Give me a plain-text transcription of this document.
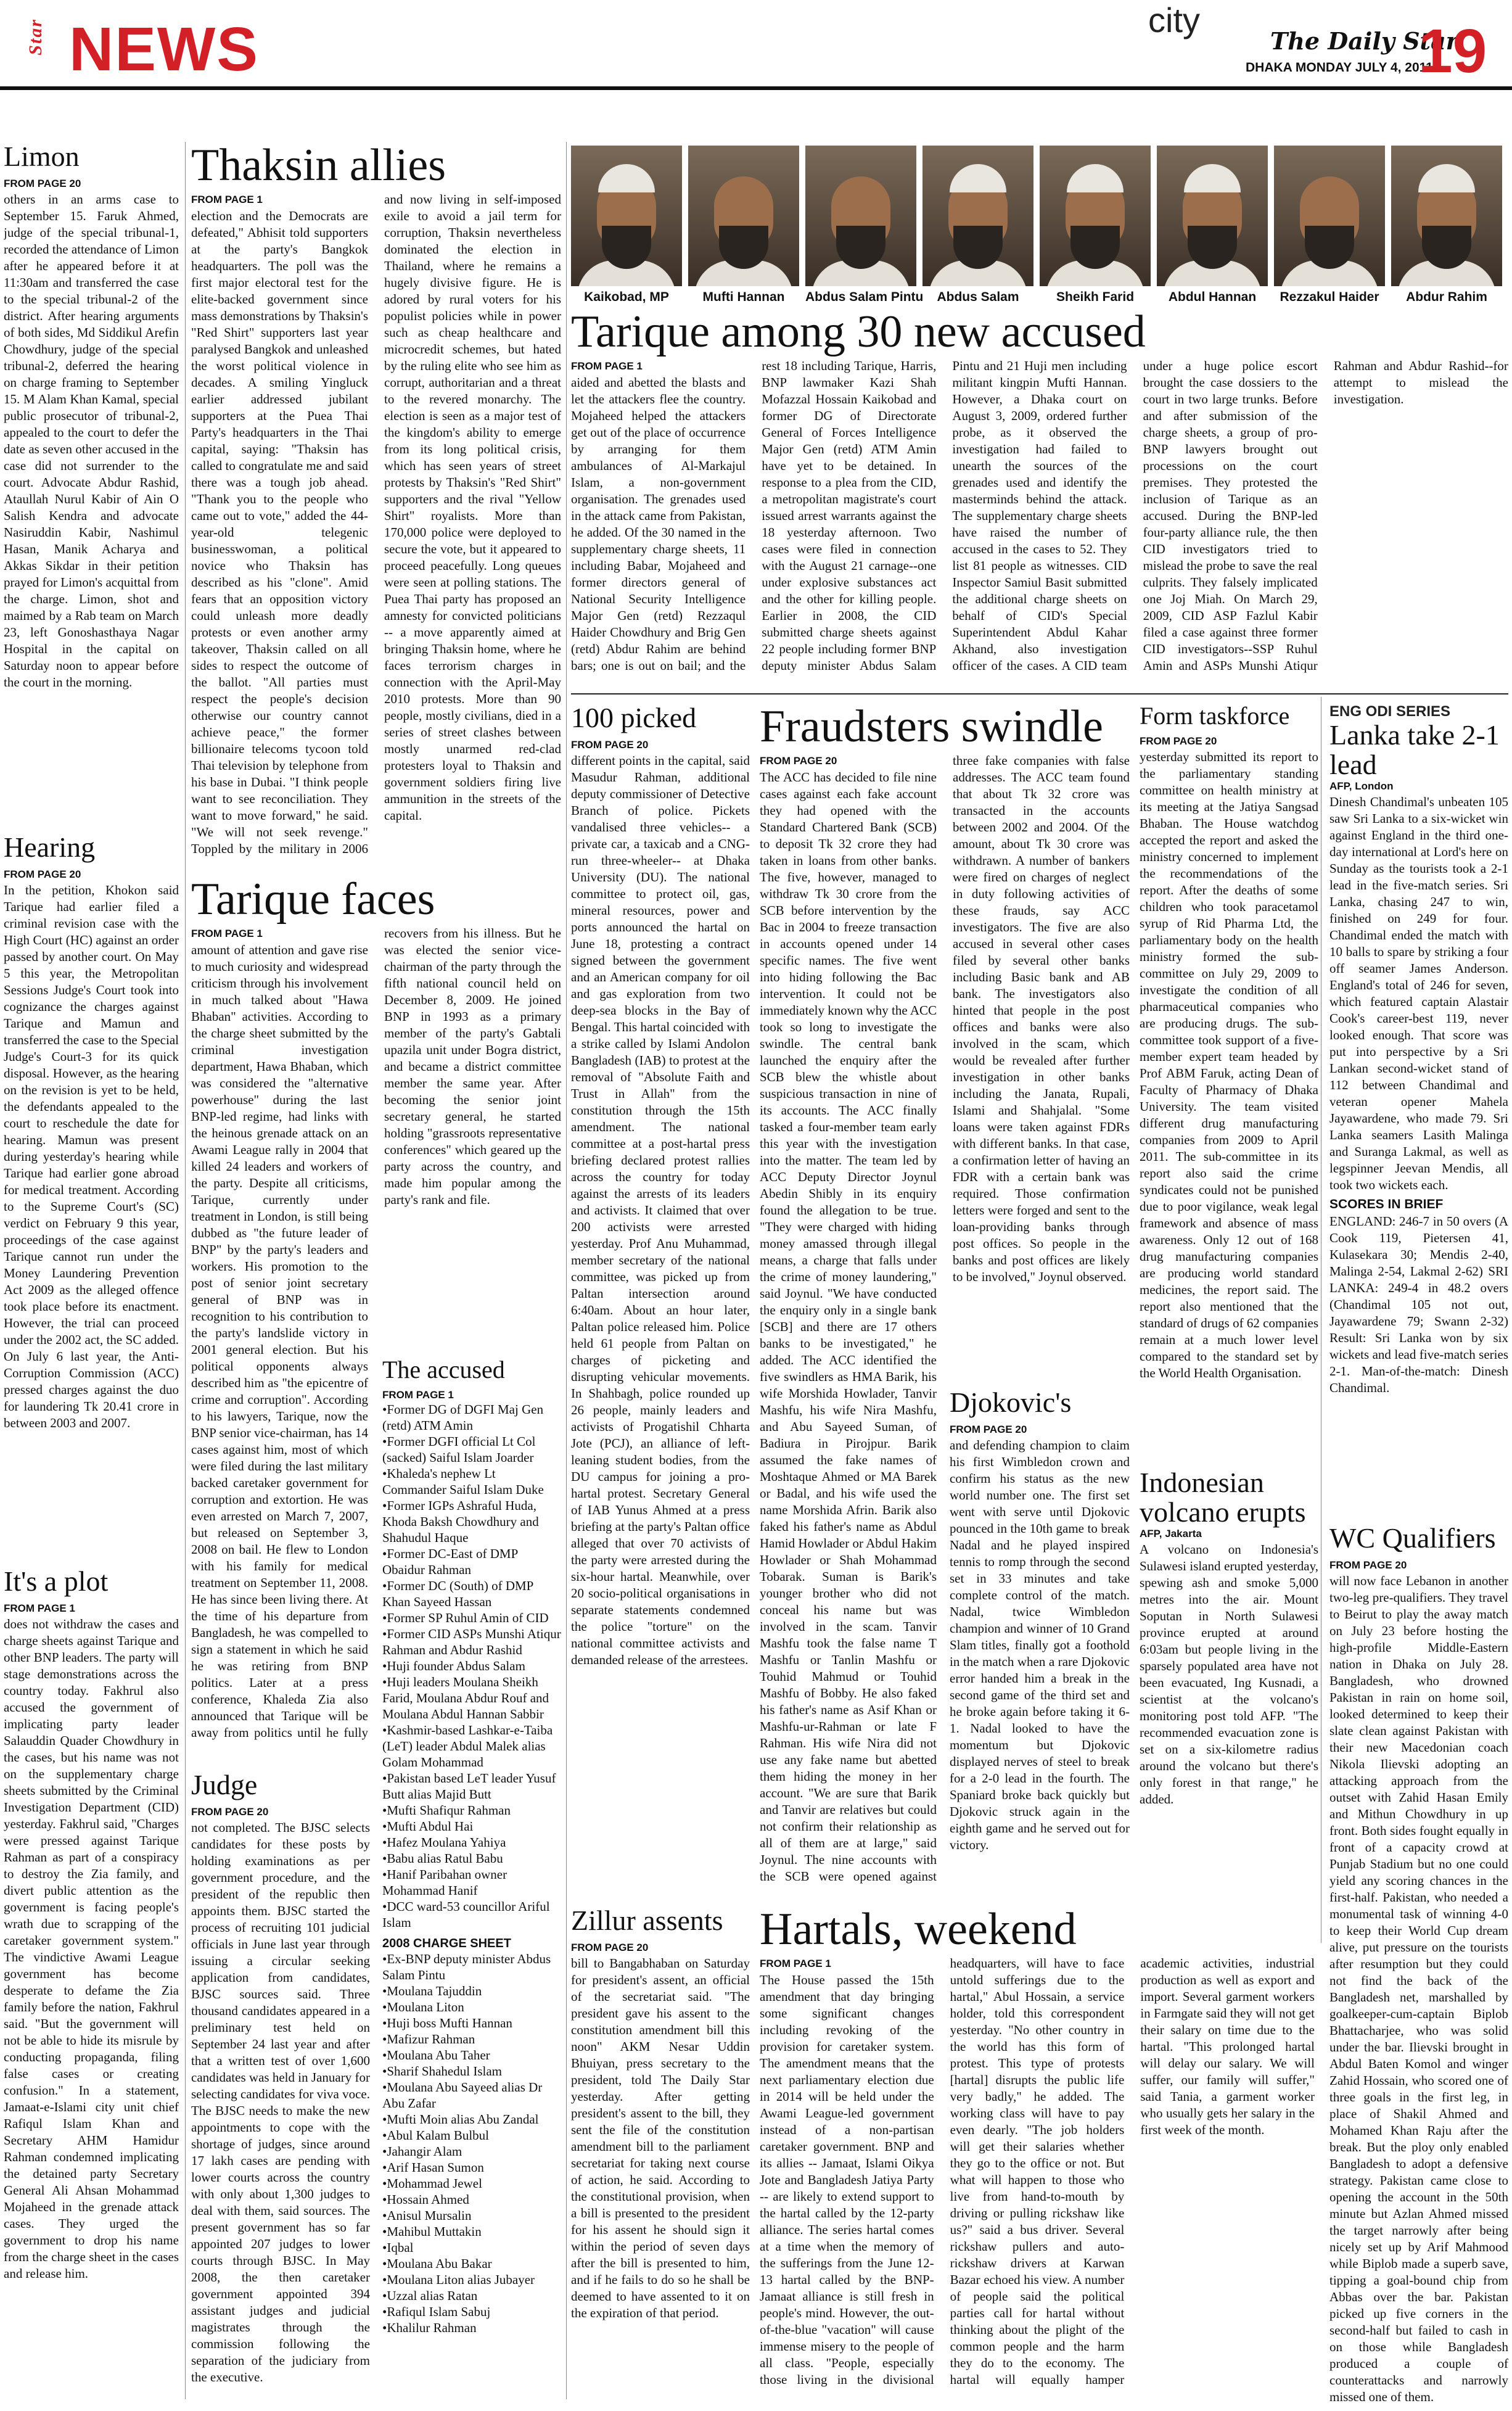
Star NEWS	city
The Daily Star
DHAKA MONDAY JULY 4, 2011
19
Limon
FROM PAGE 20
others in an arms case to September 15. Faruk Ahmed, judge of the special tribunal-1, recorded the attendance of Limon after he appeared before it at 11:30am and transferred the case to the special tribunal-2 of the district. After hearing arguments of both sides, Md Siddikul Arefin Chowdhury, judge of the special tribunal-2, deferred the hearing on charge framing to September 15. M Alam Khan Kamal, special public prosecutor of tribunal-2, appealed to the court to defer the date as seven other accused in the case did not surrender to the court. Advocate Abdur Rashid, Ataullah Nurul Kabir of Ain O Salish Kendra and advocate Nasiruddin Kabir, Nashimul Hasan, Manik Acharya and Akkas Sikdar in their petition prayed for Limon's acquittal from the charge. Limon, shot and maimed by a Rab team on March 23, left Gonoshasthaya Nagar Hospital in the capital on Saturday noon to appear before the court in the morning.
Hearing
FROM PAGE 20
In the petition, Khokon said Tarique had earlier filed a criminal revision case with the High Court (HC) against an order passed by another court. On May 5 this year, the Metropolitan Sessions Judge's Court took into cognizance the charges against Tarique and Mamun and transferred the case to the Special Judge's Court-3 for its quick disposal. However, as the hearing on the revision is yet to be held, the defendants appealed to the court to reschedule the date for hearing. Mamun was present during yesterday's hearing while Tarique had earlier gone abroad for medical treatment. According to the Supreme Court's (SC) verdict on February 9 this year, proceedings of the case against Tarique cannot run under the Money Laundering Prevention Act 2009 as the alleged offence took place before its enactment. However, the trial can proceed under the 2002 act, the SC added. On July 6 last year, the Anti-Corruption Commission (ACC) pressed charges against the duo for laundering Tk 20.41 crore in between 2003 and 2007.
It's a plot
FROM PAGE 1
does not withdraw the cases and charge sheets against Tarique and other BNP leaders. The party will stage demonstrations across the country today. Fakhrul also accused the government of implicating party leader Salauddin Quader Chowdhury in the cases, but his name was not on the supplementary charge sheets submitted by the Criminal Investigation Department (CID) yesterday. Fakhrul said, "Charges were pressed against Tarique Rahman as part of a conspiracy to destroy the Zia family, and divert public attention as the government is facing people's wrath due to scrapping of the caretaker government system." The vindictive Awami League government has become desperate to defame the Zia family before the nation, Fakhrul said. "But the government will not be able to hide its misrule by conducting propaganda, filing false cases or creating confusion." In a statement, Jamaat-e-Islami city unit chief Rafiqul Islam Khan and Secretary AHM Hamidur Rahman condemned implicating the detained party Secretary General Ali Ahsan Mohammad Mojaheed in the grenade attack cases. They urged the government to drop his name from the charge sheet in the cases and release him.
Thaksin allies
FROM PAGE 1
election and the Democrats are defeated," Abhisit told supporters at the party's Bangkok headquarters. The poll was the first major electoral test for the elite-backed government since mass demonstrations by Thaksin's "Red Shirt" supporters last year paralysed Bangkok and unleashed the worst political violence in decades. A smiling Yingluck earlier addressed jubilant supporters at the Puea Thai Party's headquarters in the Thai capital, saying: "Thaksin has called to congratulate me and said there was a tough job ahead. "Thank you to the people who came out to vote," added the 44-year-old telegenic businesswoman, a political novice who Thaksin has described as his "clone". Amid fears that an opposition victory could unleash more deadly protests or even another army takeover, Thaksin called on all sides to respect the outcome of the ballot. "All parties must respect the people's decision otherwise our country cannot achieve peace," the former billionaire telecoms tycoon told Thai television by telephone from his base in Dubai. "I think people want to see reconciliation. They want to move forward," he said. "We will not seek revenge." Toppled by the military in 2006 and now living in self-imposed exile to avoid a jail term for corruption, Thaksin nevertheless dominated the election in Thailand, where he remains a hugely divisive figure. He is adored by rural voters for his populist policies while in power such as cheap healthcare and microcredit schemes, but hated by the ruling elite who see him as corrupt, authoritarian and a threat to the revered monarchy. The election is seen as a major test of the kingdom's ability to emerge from its long political crisis, which has seen years of street protests by Thaksin's "Red Shirt" supporters and the rival "Yellow Shirt" royalists. More than 170,000 police were deployed to secure the vote, but it appeared to proceed peacefully. Long queues were seen at polling stations. The Puea Thai party has proposed an amnesty for convicted politicians -- a move apparently aimed at bringing Thaksin home, where he faces terrorism charges in connection with the April-May 2010 protests. More than 90 people, mostly civilians, died in a series of street clashes between mostly unarmed red-clad protesters loyal to Thaksin and government soldiers firing live ammunition in the streets of the capital.
Tarique faces
FROM PAGE 1
amount of attention and gave rise to much curiosity and widespread criticism through his involvement in much talked about "Hawa Bhaban" activities. According to the charge sheet submitted by the criminal investigation department, Hawa Bhaban, which was considered the "alternative powerhouse" during the last BNP-led regime, had links with the heinous grenade attack on an Awami League rally in 2004 that killed 24 leaders and workers of the party. Despite all criticisms, Tarique, currently under treatment in London, is still being dubbed as "the future leader of BNP" by the party's leaders and workers. His promotion to the post of senior joint secretary general of BNP was in recognition to his contribution to the party's landslide victory in 2001 general election. But his political opponents always described him as "the epicentre of crime and corruption". According to his lawyers, Tarique, now the BNP senior vice-chairman, has 14 cases against him, most of which were filed during the last military backed caretaker government for corruption and extortion. He was even arrested on March 7, 2007, but released on September 3, 2008 on bail. He flew to London with his family for medical treatment on September 11, 2008. He has since been living there. At the time of his departure from Bangladesh, he was compelled to sign a statement in which he said he was retiring from BNP politics. Later at a press conference, Khaleda Zia also announced that Tarique will be away from politics until he fully recovers from his illness. But he was elected the senior vice-chairman of the party through the fifth national council held on December 8, 2009. He joined BNP in 1993 as a primary member of the party's Gabtali upazila unit under Bogra district, and became a district committee member the same year. After becoming the senior joint secretary general, he started holding "grassroots representative conferences" which geared up the party across the country, and made him popular among the party's rank and file.
Judge
FROM PAGE 20
not completed. The BJSC selects candidates for these posts by holding examinations as per government procedure, and the president of the republic then appoints them. BJSC started the process of recruiting 101 judicial officials in June last year through issuing a circular seeking application from candidates, BJSC sources said. Three thousand candidates appeared in a preliminary test held on September 24 last year and after that a written test of over 1,600 candidates was held in January for selecting candidates for viva voce. The BJSC needs to make the new appointments to cope with the shortage of judges, since around 17 lakh cases are pending with lower courts across the country with only about 1,300 judges to deal with them, said sources. The present government has so far appointed 207 judges to lower courts through BJSC. In May 2008, the then caretaker government appointed 394 assistant judges and judicial magistrates through the commission following the separation of the judiciary from the executive.
The accused
FROM PAGE 1
• Former DG of DGFI Maj Gen (retd) ATM Amin
• Former DGFI official Lt Col (sacked) Saiful Islam Joarder
• Khaleda's nephew Lt Commander Saiful Islam Duke
• Former IGPs Ashraful Huda, Khoda Baksh Chowdhury and Shahudul Haque
• Former DC-East of DMP Obaidur Rahman
• Former DC (South) of DMP Khan Sayeed Hassan
• Former SP Ruhul Amin of CID
• Former CID ASPs Munshi Atiqur Rahman and Abdur Rashid
• Huji founder Abdus Salam
• Huji leaders Moulana Sheikh Farid, Moulana Abdur Rouf and Moulana Abdul Hannan Sabbir
• Kashmir-based Lashkar-e-Taiba (LeT) leader Abdul Malek alias Golam Mohammad
• Pakistan based LeT leader Yusuf Butt alias Majid Butt
• Mufti Shafiqur Rahman
• Mufti Abdul Hai
• Hafez Moulana Yahiya
• Babu alias Ratul Babu
• Hanif Paribahan owner Mohammad Hanif
• DCC ward-53 councillor Ariful Islam
2008 CHARGE SHEET
• Ex-BNP deputy minister Abdus Salam Pintu
• Moulana Tajuddin
• Moulana Liton
• Huji boss Mufti Hannan
• Mafizur Rahman
• Moulana Abu Taher
• Sharif Shahedul Islam
• Moulana Abu Sayeed alias Dr Abu Zafar
• Mufti Moin alias Abu Zandal
• Abul Kalam Bulbul
• Jahangir Alam
• Arif Hasan Sumon
• Mohammad Jewel
• Hossain Ahmed
• Anisul Mursalin
• Mahibul Muttakin
• Iqbal
• Moulana Abu Bakar
• Moulana Liton alias Jubayer
• Uzzal alias Ratan
• Rafiqul Islam Sabuj
• Khalilur Rahman
Kaikobad, MP	Mufti Hannan	Abdus Salam Pintu	Abdus Salam	Sheikh Farid	Abdul Hannan	Rezzakul Haider	Abdur Rahim
Tarique among 30 new accused
FROM PAGE 1
aided and abetted the blasts and let the attackers flee the country. Mojaheed helped the attackers get out of the place of occurrence by arranging for them ambulances of Al-Markajul Islam, a non-government organisation. The grenades used in the attack came from Pakistan, he added. Of the 30 named in the supplementary charge sheets, 11 including Babar, Mojaheed and former directors general of National Security Intelligence Major Gen (retd) Rezzaqul Haider Chowdhury and Brig Gen (retd) Abdur Rahim are behind bars; one is out on bail; and the rest 18 including Tarique, Harris, BNP lawmaker Kazi Shah Mofazzal Hossain Kaikobad and former DG of Directorate General of Forces Intelligence Major Gen (retd) ATM Amin have yet to be detained. In response to a plea from the CID, a metropolitan magistrate's court issued arrest warrants against the 18 yesterday afternoon. Two cases were filed in connection with the August 21 carnage--one under explosive substances act and the other for killing people. Earlier in 2008, the CID submitted charge sheets against 22 people including former BNP deputy minister Abdus Salam Pintu and 21 Huji men including militant kingpin Mufti Hannan. However, a Dhaka court on August 3, 2009, ordered further probe, as it observed the investigation had failed to unearth the sources of the grenades used and identify the masterminds behind the attack. The supplementary charge sheets have raised the number of accused in the cases to 52. They list 81 people as witnesses. CID Inspector Samiul Basit submitted the additional charge sheets on behalf of CID's Special Superintendent Abdul Kahar Akhand, also investigation officer of the cases. A CID team under a huge police escort brought the case dossiers to the court in two large trunks. Before and after submission of the charge sheets, a group of pro-BNP lawyers brought out processions on the court premises. They protested the inclusion of Tarique as an accused. During the BNP-led four-party alliance rule, the then CID investigators tried to mislead the probe to save the real culprits. They falsely implicated one Joj Miah. On March 29, 2009, CID ASP Fazlul Kabir filed a case against three former CID investigators--SSP Ruhul Amin and ASPs Munshi Atiqur Rahman and Abdur Rashid--for attempt to mislead the investigation.
100 picked
FROM PAGE 20
different points in the capital, said Masudur Rahman, additional deputy commissioner of Detective Branch of police. Pickets vandalised three vehicles-- a private car, a taxicab and a CNG-run three-wheeler-- at Dhaka University (DU). The national committee to protect oil, gas, mineral resources, power and ports announced the hartal on June 18, protesting a contract signed between the government and an American company for oil and gas exploration from two deep-sea blocks in the Bay of Bengal. This hartal coincided with a strike called by Islami Andolon Bangladesh (IAB) to protest at the removal of "Absolute Faith and Trust in Allah" from the constitution through the 15th amendment. The national committee at a post-hartal press briefing declared protest rallies across the country for today against the arrests of its leaders and activists. It claimed that over 200 activists were arrested yesterday. Prof Anu Muhammad, member secretary of the national committee, was picked up from Paltan intersection around 6:40am. About an hour later, Paltan police released him. Police held 61 people from Paltan on charges of picketing and disrupting vehicular movements. In Shahbagh, police rounded up 26 people, mainly leaders and activists of Progatishil Chharta Jote (PCJ), an alliance of left-leaning student bodies, from the DU campus for joining a pro-hartal protest. Secretary General of IAB Yunus Ahmed at a press briefing at the party's Paltan office alleged that over 70 activists of the party were arrested during the six-hour hartal. Meanwhile, over 20 socio-political organisations in separate statements condemned the police "torture" on the national committee activists and demanded release of the arrestees.
Zillur assents
FROM PAGE 20
bill to Bangabhaban on Saturday for president's assent, an official of the secretariat said. "The president gave his assent to the constitution amendment bill this noon" AKM Nesar Uddin Bhuiyan, press secretary to the president, told The Daily Star yesterday. After getting president's assent to the bill, they sent the file of the constitution amendment bill to the parliament secretariat for taking next course of action, he said. According to the constitutional provision, when a bill is presented to the president for his assent he should sign it within the period of seven days after the bill is presented to him, and if he fails to do so he shall be deemed to have assented to it on the expiration of that period.
Fraudsters swindle
FROM PAGE 20
The ACC has decided to file nine cases against each fake account they had opened with the Standard Chartered Bank (SCB) to deposit Tk 32 crore they had taken in loans from other banks. The five, however, managed to withdraw Tk 30 crore from the SCB before intervention by the Bac in 2004 to freeze transaction in accounts opened under 14 specific names. The five went into hiding following the Bac intervention. It could not be immediately known why the ACC took so long to investigate the swindle. The central bank launched the enquiry after the SCB blew the whistle about suspicious transaction in nine of its accounts. The ACC finally tasked a four-member team early this year with the investigation into the matter. The team led by ACC Deputy Director Joynul Abedin Shibly in its enquiry found the allegation to be true. "They were charged with hiding money amassed through illegal means, a charge that falls under the crime of money laundering," said Joynul. "We have conducted the enquiry only in a single bank [SCB] and there are 17 others banks to be investigated," he added. The ACC identified the five swindlers as HMA Barik, his wife Morshida Howlader, Tanvir Mashfu, his wife Nira Mashfu, and Abu Sayeed Suman, of Badiura in Pirojpur. Barik assumed the fake names of Moshtaque Ahmed or MA Barek or Badal, and his wife used the name Morshida Afrin. Barik also faked his father's name as Abdul Hamid Howlader or Abdul Hakim Howlader or Shah Mohammad Tobarak. Suman is Barik's younger brother who did not conceal his name but was involved in the scam. Tanvir Mashfu took the false name T Mashfu or Tanlin Mashfu or Touhid Mahmud or Touhid Mashfu of Bobby. He also faked his father's name as Asif Khan or Mashfu-ur-Rahman or late F Rahman. His wife Nira did not use any fake name but abetted them hiding the money in her account. "We are sure that Barik and Tanvir are relatives but could not confirm their relationship as all of them are at large," said Joynul. The nine accounts with the SCB were opened against three fake companies with false addresses. The ACC team found that about Tk 32 crore was transacted in the accounts between 2002 and 2004. Of the amount, about Tk 30 crore was withdrawn. A number of bankers were fired on charges of neglect in duty following activities of these frauds, say ACC investigators. The five are also accused in several other cases filed by several other banks including Basic bank and AB bank. The investigators also hinted that people in the post offices and banks were also involved in the scam, which would be revealed after further investigation in other banks including the Janata, Rupali, Islami and Shahjalal. "Some loans were taken against FDRs with different banks. In that case, a confirmation letter of having an FDR with a certain bank was required. Those confirmation letters were forged and sent to the loan-providing banks through post offices. So people in the banks and post offices are likely to be involved," Joynul observed.
Djokovic's
FROM PAGE 20
and defending champion to claim his first Wimbledon crown and confirm his status as the new world number one. The first set went with serve until Djokovic pounced in the 10th game to break Nadal and he played inspired tennis to romp through the second set in 33 minutes and take complete control of the match. Nadal, twice Wimbledon champion and winner of 10 Grand Slam titles, finally got a foothold in the match when a rare Djokovic error handed him a break in the second game of the third set and he broke again before taking it 6-1. Nadal looked to have the momentum but Djokovic displayed nerves of steel to break for a 2-0 lead in the fourth. The Spaniard broke back quickly but Djokovic struck again in the eighth game and he served out for victory.
Hartals, weekend
FROM PAGE 1
The House passed the 15th amendment that day bringing some significant changes including revoking of the provision for caretaker system. The amendment means that the next parliamentary election due in 2014 will be held under the Awami League-led government instead of a non-partisan caretaker government. BNP and its allies -- Jamaat, Islami Oikya Jote and Bangladesh Jatiya Party -- are likely to extend support to the hartal called by the 12-party alliance. The series hartal comes at a time when the memory of the sufferings from the June 12-13 hartal called by the BNP-Jamaat alliance is still fresh in people's mind. However, the out-of-the-blue "vacation" will cause immense misery to the people of all class. "People, especially those living in the divisional headquarters, will have to face untold sufferings due to the hartal," Abul Hossain, a service holder, told this correspondent yesterday. "No other country in the world has this form of protest. This type of protests [hartal] disrupts the public life very badly," he added. The working class will have to pay even dearly. "The job holders will get their salaries whether they go to the office or not. But what will happen to those who live from hand-to-mouth by driving or pulling rickshaw like us?" said a bus driver. Several rickshaw pullers and auto-rickshaw drivers at Karwan Bazar echoed his view. A number of people said the political parties call for hartal without thinking about the plight of the common people and the harm they do to the economy. The hartal will equally hamper academic activities, industrial production as well as export and import. Several garment workers in Farmgate said they will not get their salary on time due to the hartal. "This prolonged hartal will delay our salary. We will suffer, our family will suffer," said Tania, a garment worker who usually gets her salary in the first week of the month.
Form taskforce
FROM PAGE 20
yesterday submitted its report to the parliamentary standing committee on health ministry at its meeting at the Jatiya Sangsad Bhaban. The House watchdog accepted the report and asked the ministry concerned to implement the recommendations of the report. After the deaths of some children who took paracetamol syrup of Rid Pharma Ltd, the parliamentary body on the health ministry formed the sub-committee on July 29, 2009 to investigate the condition of all pharmaceutical companies who are producing drugs. The sub-committee took support of a five-member expert team headed by Prof ABM Faruk, acting Dean of Faculty of Pharmacy of Dhaka University. The team visited different drug manufacturing companies from 2009 to April 2011. The sub-committee in its report also said the crime syndicates could not be punished due to poor vigilance, weak legal framework and absence of mass awareness. Only 12 out of 168 drug manufacturing companies are producing world standard medicines, the report said. The report also mentioned that the standard of drugs of 62 companies remain at a much lower level compared to the standard set by the World Health Organisation.
Indonesian volcano erupts
AFP, Jakarta
A volcano on Indonesia's Sulawesi island erupted yesterday, spewing ash and smoke 5,000 metres into the air. Mount Soputan in North Sulawesi province erupted at around 6:03am but people living in the sparsely populated area have not been evacuated, Ing Kusnadi, a scientist at the volcano's monitoring post told AFP. "The recommended evacuation zone is set on a six-kilometre radius around the volcano but there's only forest in that range," he added.
ENG ODI SERIES
Lanka take 2-1 lead
AFP, London
Dinesh Chandimal's unbeaten 105 saw Sri Lanka to a six-wicket win against England in the third one-day international at Lord's here on Sunday as the tourists took a 2-1 lead in the five-match series. Sri Lanka, chasing 247 to win, finished on 249 for four. Chandimal ended the match with 10 balls to spare by striking a four off seamer James Anderson. England's total of 246 for seven, which featured captain Alastair Cook's career-best 119, never looked enough. That score was put into perspective by a Sri Lankan second-wicket stand of 112 between Chandimal and veteran opener Mahela Jayawardene, who made 79. Sri Lanka seamers Lasith Malinga and Suranga Lakmal, as well as legspinner Jeevan Mendis, all took two wickets each.
SCORES IN BRIEF
ENGLAND: 246-7 in 50 overs (A Cook 119, Pietersen 41, Kulasekara 30; Mendis 2-40, Malinga 2-54, Lakmal 2-62) SRI LANKA: 249-4 in 48.2 overs (Chandimal 105 not out, Jayawardene 79; Swann 2-32) Result: Sri Lanka won by six wickets and lead five-match series 2-1. Man-of-the-match: Dinesh Chandimal.
WC Qualifiers
FROM PAGE 20
will now face Lebanon in another two-leg pre-qualifiers. They travel to Beirut to play the away match on July 23 before hosting the high-profile Middle-Eastern nation in Dhaka on July 28. Bangladesh, who drowned Pakistan in rain on home soil, looked determined to keep their slate clean against Pakistan with their new Macedonian coach Nikola Ilievski adopting an attacking approach from the outset with Zahid Hasan Emily and Mithun Chowdhury in up front. Both sides fought equally in front of a capacity crowd at Punjab Stadium but no one could yield any scoring chances in the first-half. Pakistan, who needed a monumental task of winning 4-0 to keep their World Cup dream alive, put pressure on the tourists after resumption but they could not find the back of the Bangladesh net, marshalled by goalkeeper-cum-captain Biplob Bhattacharjee, who was solid under the bar. Ilievski brought in Abdul Baten Komol and winger Zahid Hossain, who scored one of three goals in the first leg, in place of Shakil Ahmed and Mohamed Khan Raju after the break. But the ploy only enabled Bangladesh to adopt a defensive strategy. Pakistan came close to opening the account in the 50th minute but Azlan Ahmed missed the target narrowly after being nicely set up by Arif Mahmood while Biplob made a superb save, tipping a goal-bound chip from Abbas over the bar. Pakistan picked up five corners in the second-half but failed to cash in on those while Bangladesh produced a couple of counterattacks and narrowly missed one of them.
